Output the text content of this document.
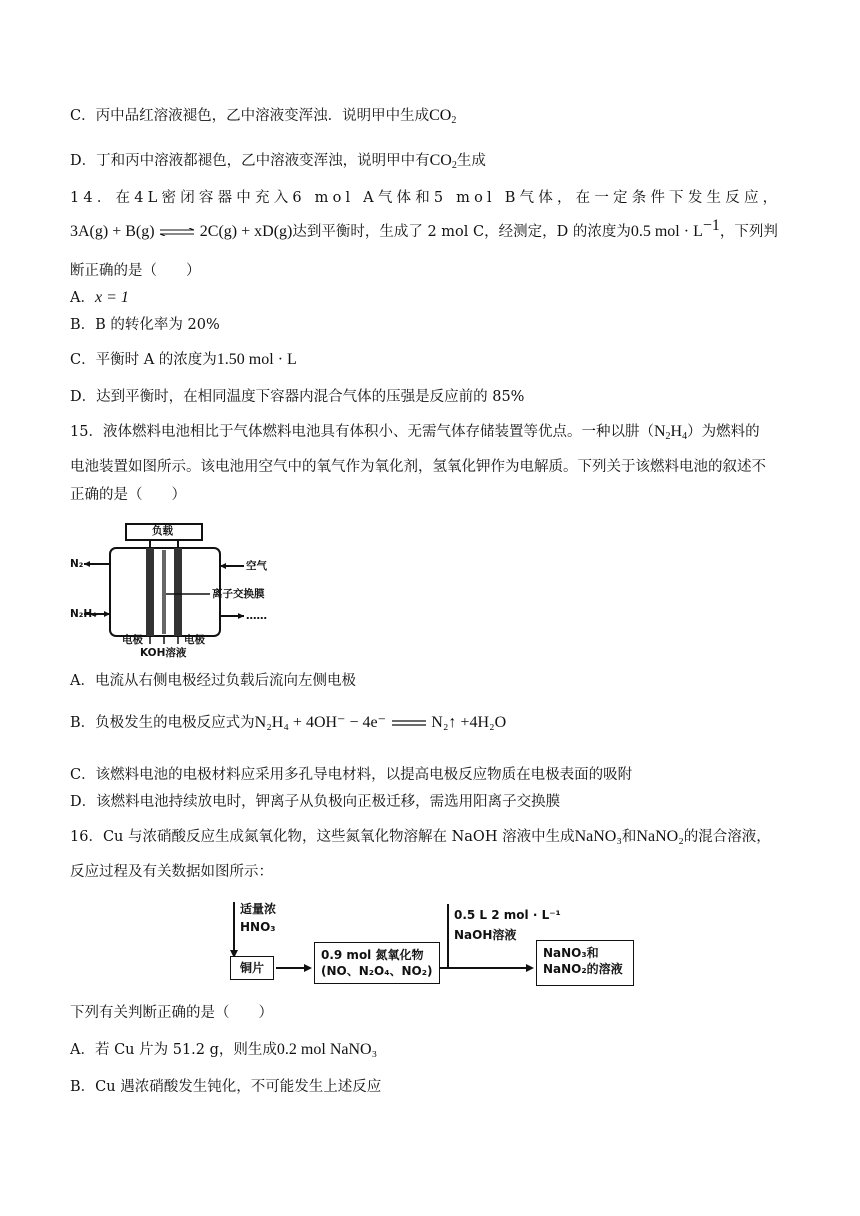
C．丙中品红溶液褪色，乙中溶液变浑浊．说明甲中生成$CO_2$
D．丁和丙中溶液都褪色，乙中溶液变浑浊，说明甲中有$CO_2$生成
14．在4L密闭容器中充入6 mol A气体和5 mol B气体，在一定条件下发生反应，
3A(g) + B(g) ⇌ 2C(g) + xD(g)达到平衡时，生成了 2 mol C，经测定，D 的浓度为0.5 mol · $L^{-1}$，下列判
断正确的是（　　）
A．x = 1
B．B 的转化率为 20%
C．平衡时 A 的浓度为1.50 mol · L
D．达到平衡时，在相同温度下容器内混合气体的压强是反应前的 85%
15．液体燃料电池相比于气体燃料电池具有体积小、无需气体存储装置等优点。一种以肼$(N_2H_4)$为燃料的
电池装置如图所示。该电池用空气中的氧气作为氧化剂，氢氧化钾作为电解质。下列关于该燃料电池的叙述不
正确的是（　　）
负载
N₂
N₂H₄
空气
……
离子交换膜
电极	电极
KOH溶液
A．电流从右侧电极经过负载后流向左侧电极
B．负极发生的电极反应式为N₂H₄ + 4OH⁻ − 4e⁻	N₂↑ +4H₂O
C．该燃料电池的电极材料应采用多孔导电材料，以提高电极反应物质在电极表面的吸附
D．该燃料电池持续放电时，钾离子从负极向正极迁移，需选用阳离子交换膜
16．Cu 与浓硝酸反应生成氮氧化物，这些氮氧化物溶解在 NaOH 溶液中生成NaNO₃和NaNO₂的混合溶液，
反应过程及有关数据如图所示：
适量浓
HNO₃
铜片
0.9 mol 氮氧化物
(NO、N₂O₄、NO₂)
0.5 L 2 mol · L⁻¹
NaOH溶液
NaNO₃和
NaNO₂的溶液
下列有关判断正确的是（　　）
A．若 Cu 片为 51.2 g，则生成0.2 mol NaNO₃
B．Cu 遇浓硝酸发生钝化，不可能发生上述反应
